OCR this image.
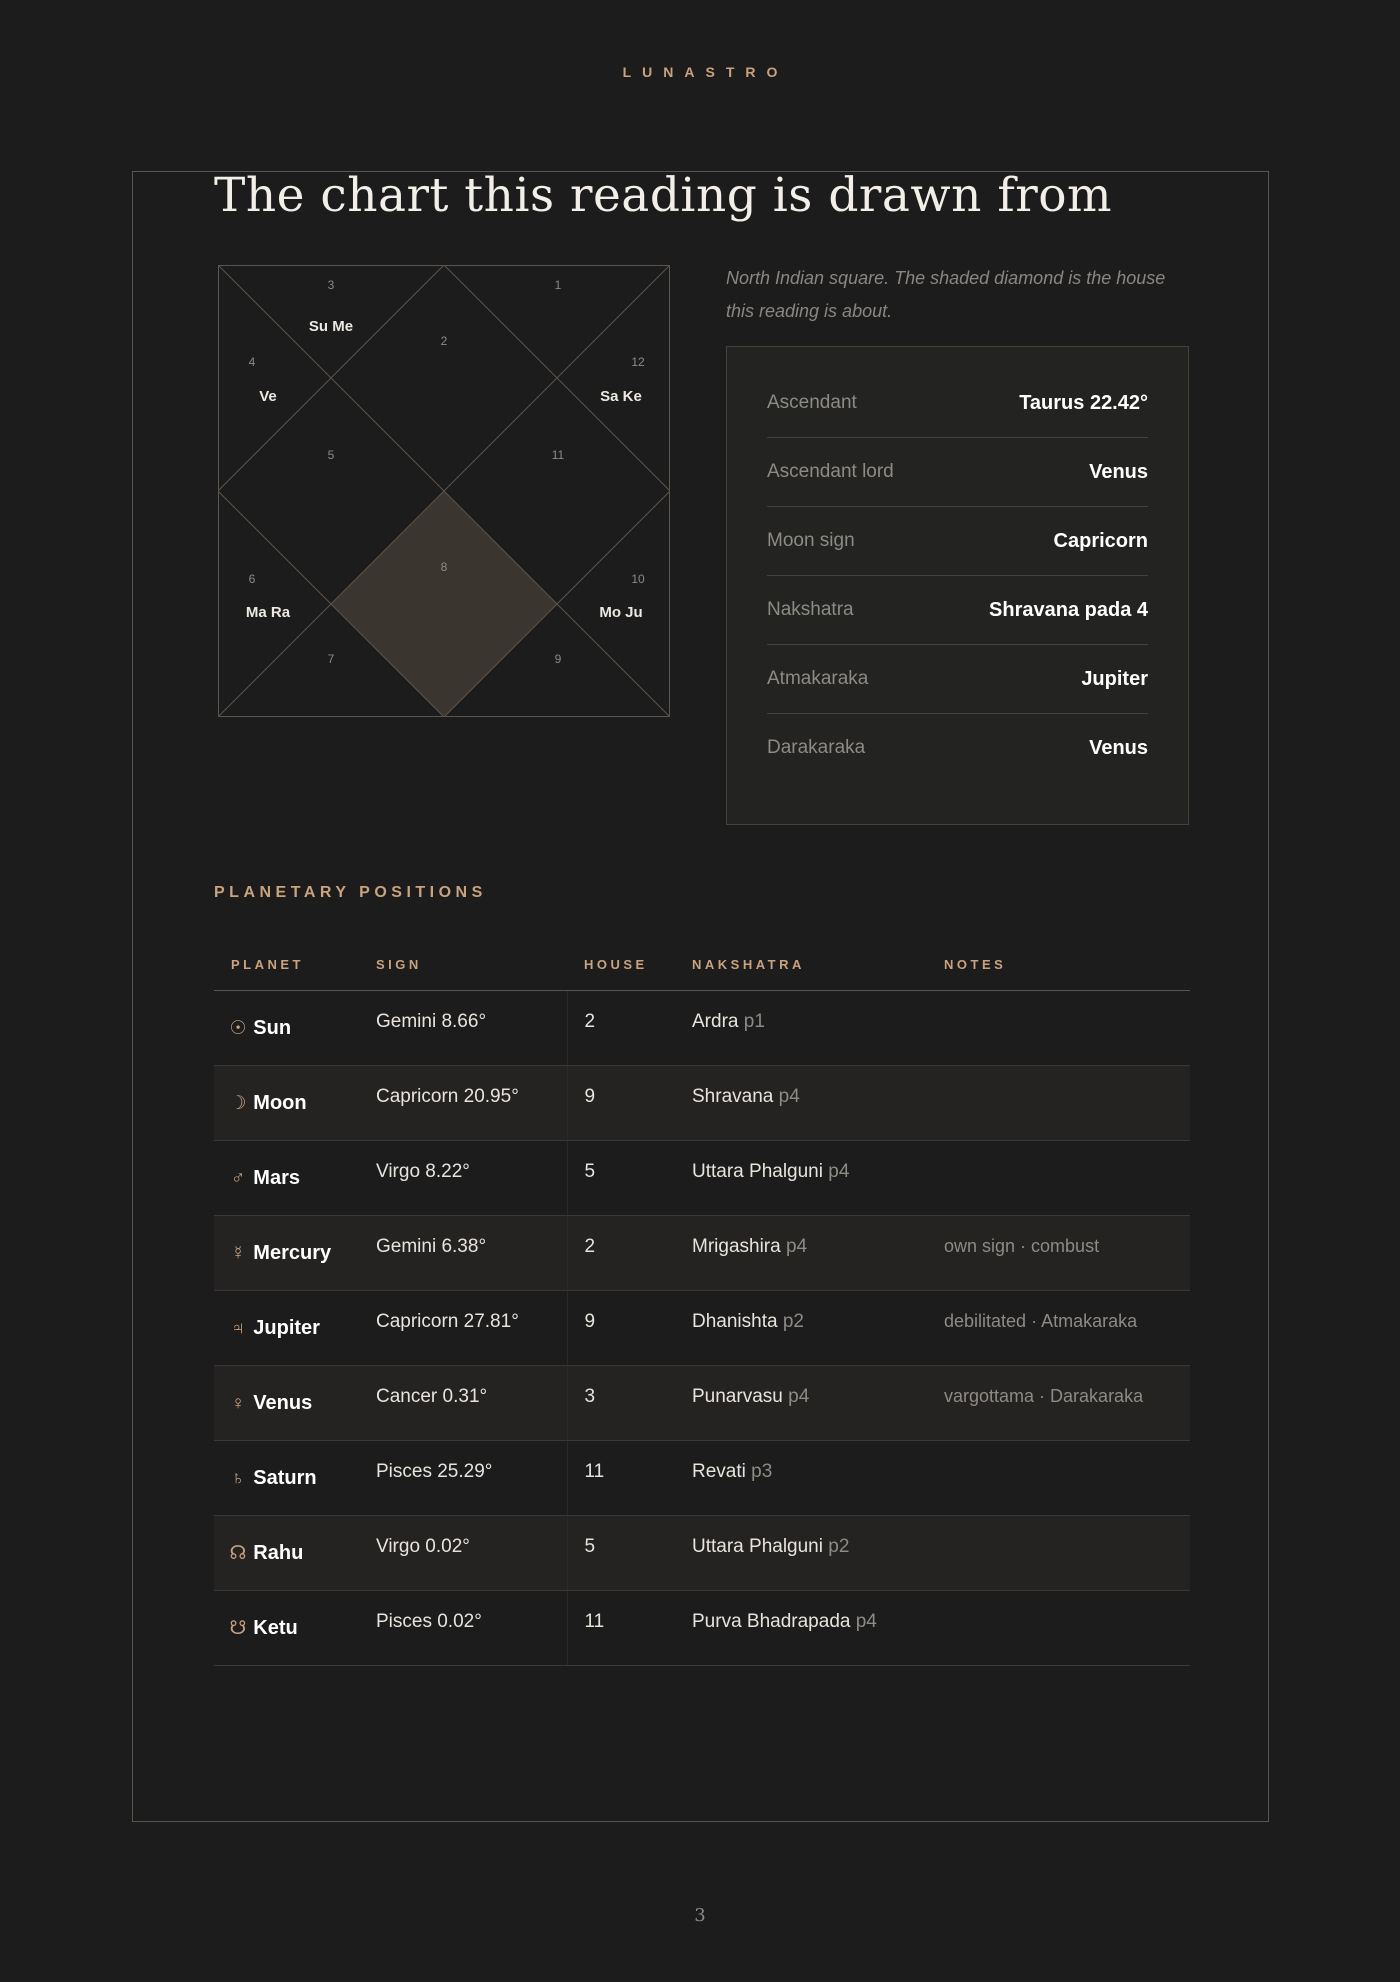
LUNASTRO
The chart this reading is drawn from
1
2
3
Su Me
4
Ve
5
6
Ma Ra
7
8
9
10
Mo Ju
11
12
Sa Ke

North Indian square. The shaded diamond is the house this reading is about.

Ascendant	Taurus 22.42°
Ascendant lord	Venus
Moon sign	Capricorn
Nakshatra	Shravana pada 4
Atmakaraka	Jupiter
Darakaraka	Venus
PLANETARY POSITIONS
PLANET	SIGN	HOUSE	NAKSHATRA	NOTES
☉ Sun	Gemini 8.66°	2	Ardra p1	
☽ Moon	Capricorn 20.95°	9	Shravana p4	
♂ Mars	Virgo 8.22°	5	Uttara Phalguni p4	
☿ Mercury	Gemini 6.38°	2	Mrigashira p4	own sign · combust
♃ Jupiter	Capricorn 27.81°	9	Dhanishta p2	debilitated · Atmakaraka
♀ Venus	Cancer 0.31°	3	Punarvasu p4	vargottama · Darakaraka
♄ Saturn	Pisces 25.29°	11	Revati p3	
☊ Rahu	Virgo 0.02°	5	Uttara Phalguni p2	
☋ Ketu	Pisces 0.02°	11	Purva Bhadrapada p4	
3
